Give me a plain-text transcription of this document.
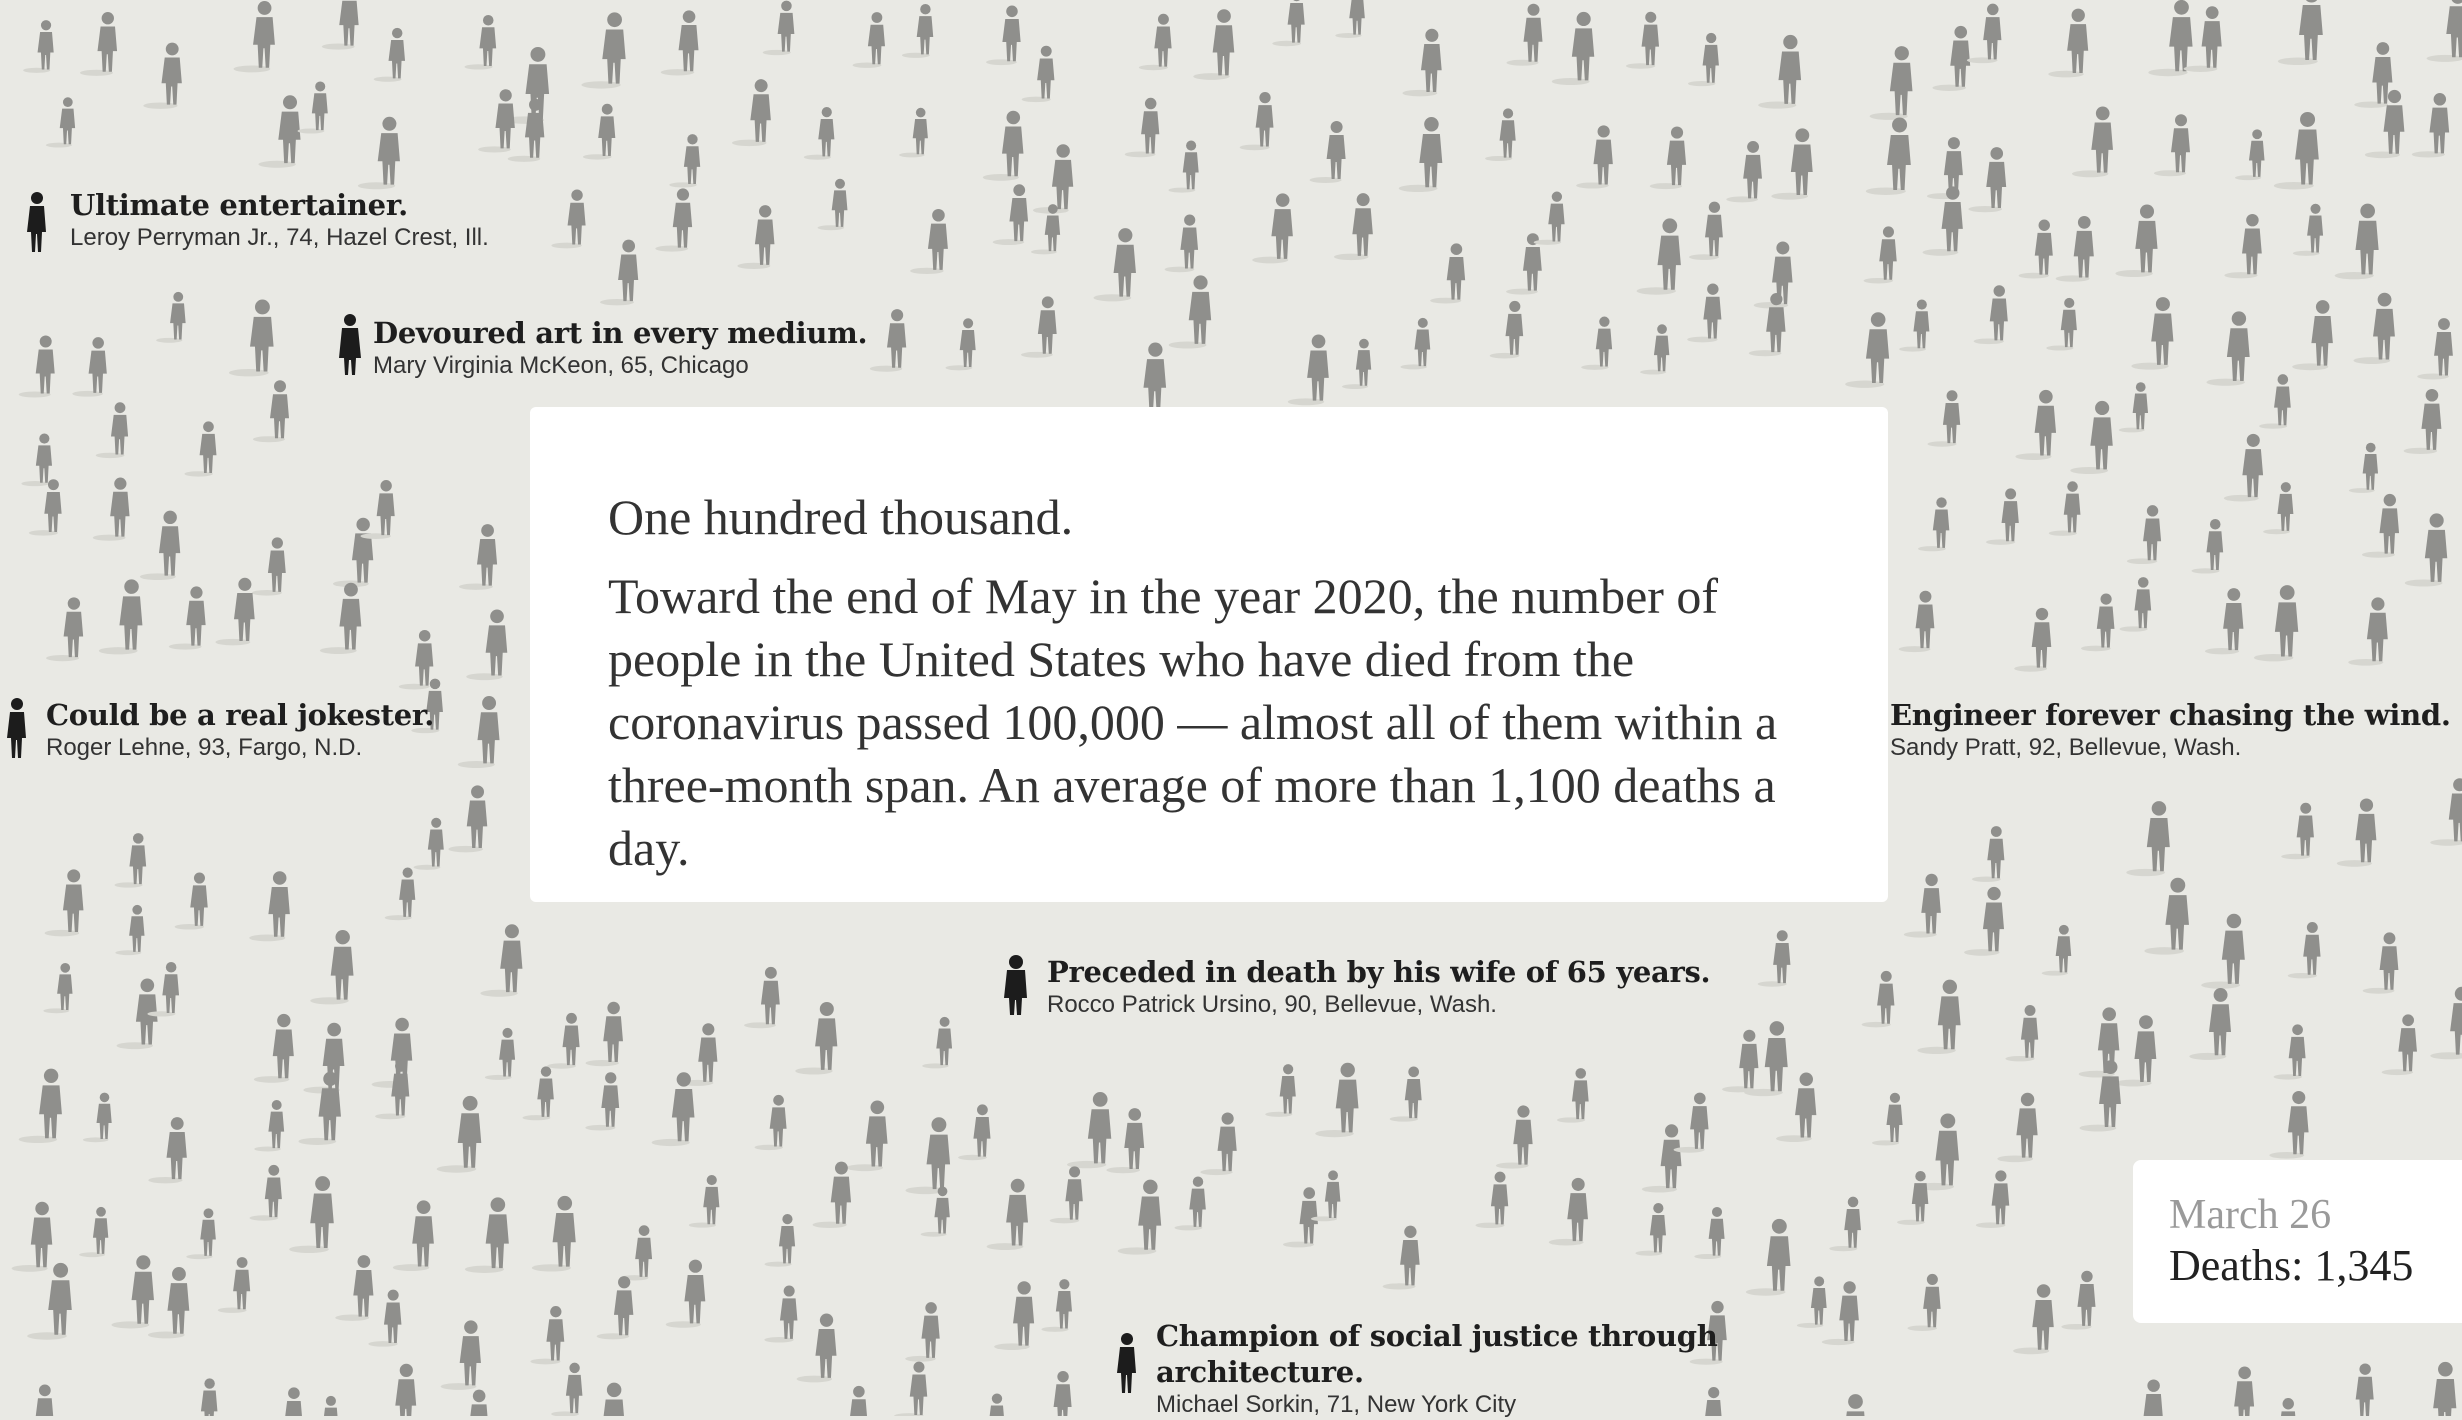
Ultimate entertainer.
Leroy Perryman Jr., 74, Hazel Crest, Ill.
Devoured art in every medium.
Mary Virginia McKeon, 65, Chicago
Could be a real jokester.
Roger Lehne, 93, Fargo, N.D.
Engineer forever chasing the wind.
Sandy Pratt, 92, Bellevue, Wash.
Preceded in death by his wife of 65 years.
Rocco Patrick Ursino, 90, Bellevue, Wash.
Champion of social justice through
architecture.
Michael Sorkin, 71, New York City

One hundred thousand.

Toward the end of May in the year 2020, the number of people in the United States who have died from the coronavirus passed 100,000 — almost all of them within a three-month span. An average of more than 1,100 deaths a day.

March 26
Deaths: 1,345
